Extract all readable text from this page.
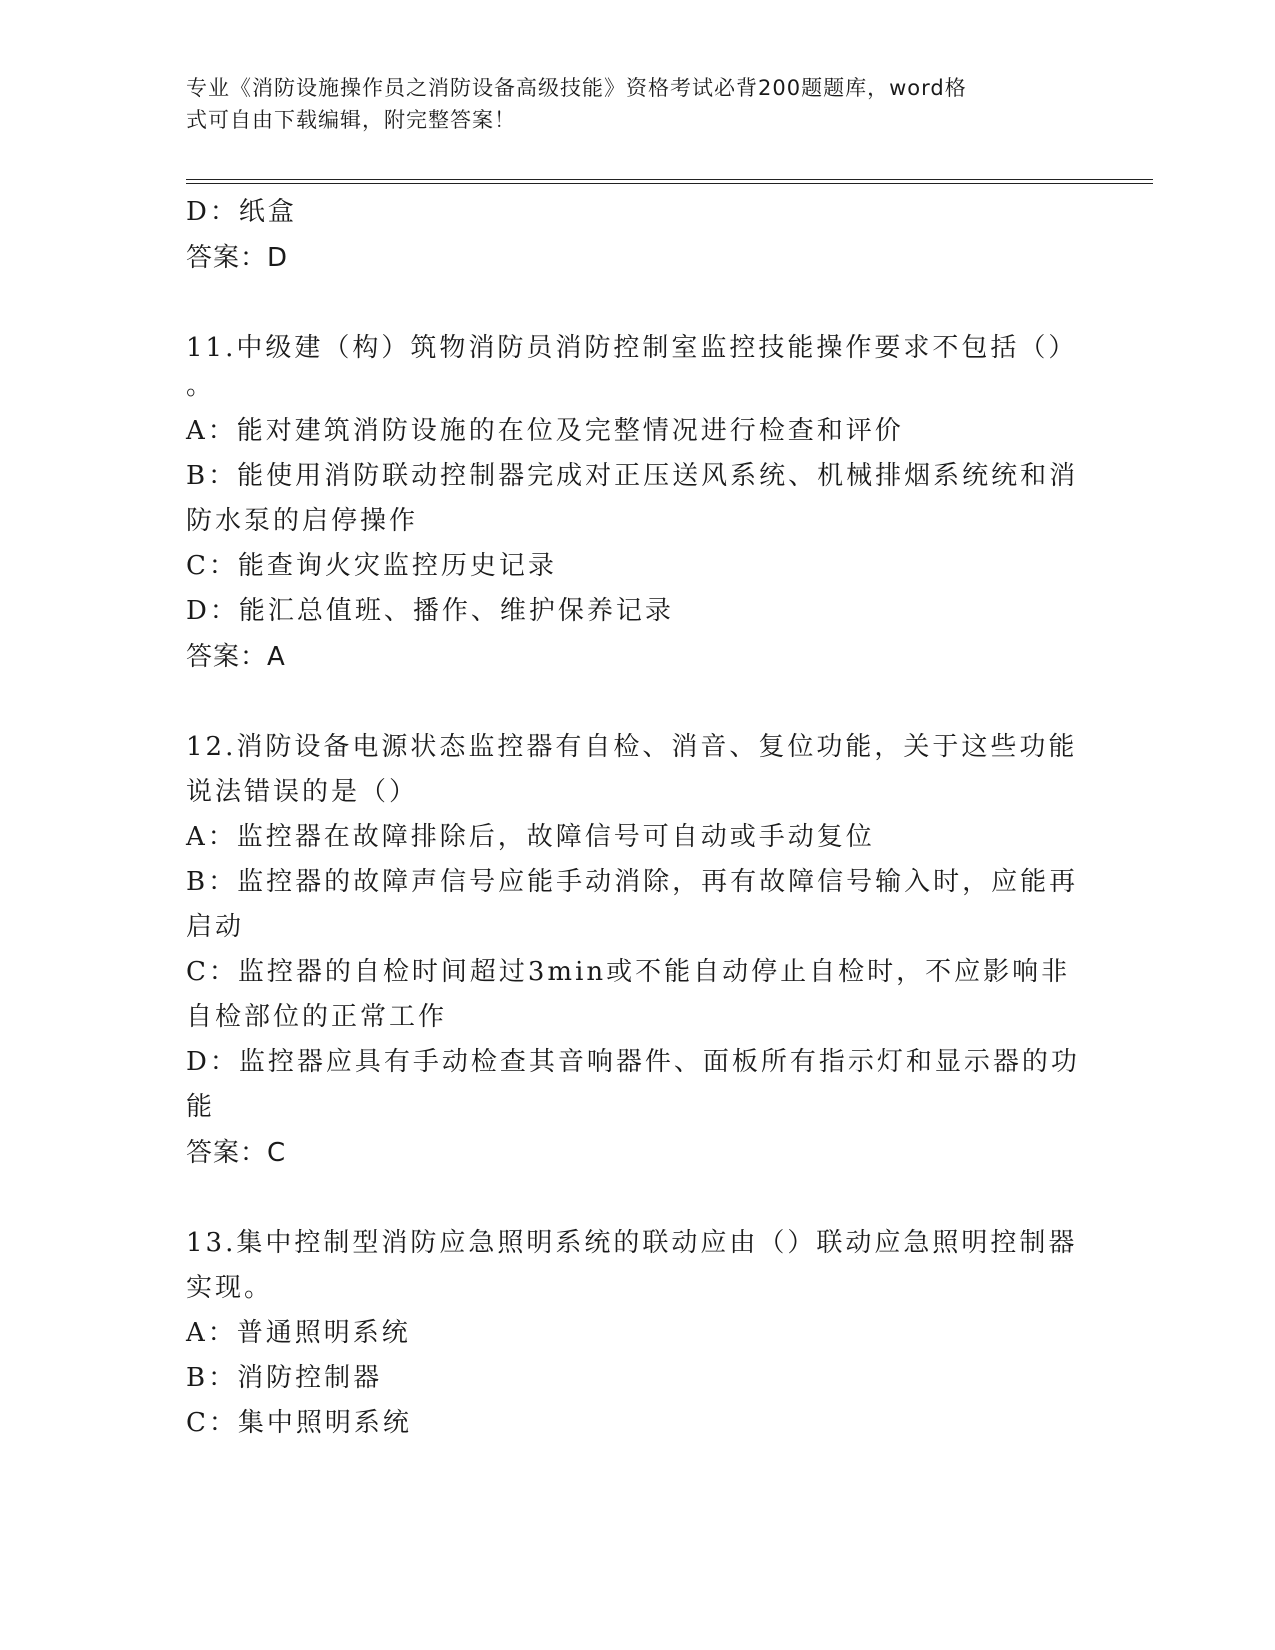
专业《消防设施操作员之消防设备高级技能》资格考试必背200题题库，word格
式可自由下载编辑，附完整答案！
D：纸盒
答案：D
11.中级建（构）筑物消防员消防控制室监控技能操作要求不包括（）
。
A：能对建筑消防设施的在位及完整情况进行检查和评价
B：能使用消防联动控制器完成对正压送风系统、机械排烟系统统和消
防水泵的启停操作
C：能查询火灾监控历史记录
D：能汇总值班、播作、维护保养记录
答案：A
12.消防设备电源状态监控器有自检、消音、复位功能，关于这些功能
说法错误的是（）
A：监控器在故障排除后，故障信号可自动或手动复位
B：监控器的故障声信号应能手动消除，再有故障信号输入时，应能再
启动
C：监控器的自检时间超过3min或不能自动停止自检时，不应影响非
自检部位的正常工作
D：监控器应具有手动检查其音响器件、面板所有指示灯和显示器的功
能
答案：C
13.集中控制型消防应急照明系统的联动应由（）联动应急照明控制器
实现。
A：普通照明系统
B：消防控制器
C：集中照明系统
